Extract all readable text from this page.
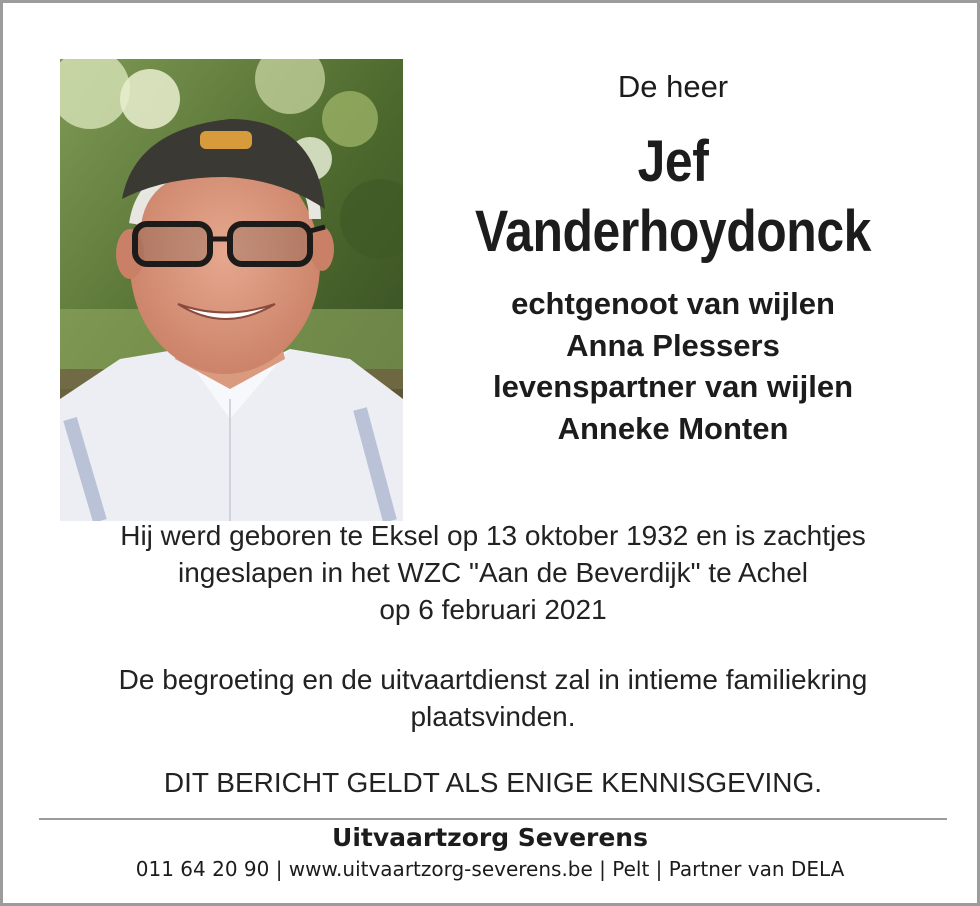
De heer
Jef
Vanderhoydonck
echtgenoot van wijlen
Anna Plessers
levenspartner van wijlen
Anneke Monten
Hij werd geboren te Eksel op 13 oktober 1932 en is zachtjes
ingeslapen in het WZC "Aan de Beverdijk" te Achel
op 6 februari 2021
De begroeting en de uitvaartdienst zal in intieme familiekring
plaatsvinden.
DIT BERICHT GELDT ALS ENIGE KENNISGEVING.
Uitvaartzorg Severens
011 64 20 90 | www.uitvaartzorg-severens.be | Pelt | Partner van DELA
